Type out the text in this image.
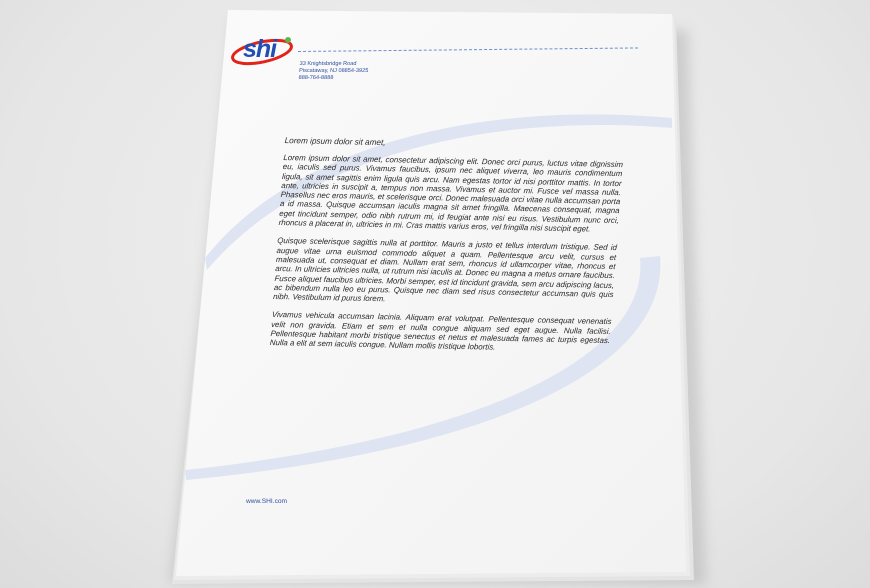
shi
33 Knightsbridge Road
Piscataway, NJ 08854-3925
888-764-8888

Lorem ipsum dolor sit amet,

Lorem ipsum dolor sit amet, consectetur adipiscing elit. Donec orci purus, luctus vitae dignissim eu, iaculis sed purus. Vivamus faucibus, ipsum nec aliquet viverra, leo mauris condimentum ligula, sit amet sagittis enim ligula quis arcu. Nam egestas tortor id nisi porttitor mattis. In tortor ante, ultricies in suscipit a, tempus non massa. Vivamus et auctor mi. Fusce vel massa nulla. Phasellus nec eros mauris, et scelerisque orci. Donec malesuada orci vitae nulla accumsan porta a id massa. Quisque accumsan iaculis magna sit amet fringilla. Maecenas consequat, magna eget tincidunt semper, odio nibh rutrum mi, id feugiat ante nisi eu risus. Vestibulum nunc orci, rhoncus a placerat in, ultricies in mi. Cras mattis varius eros, vel fringilla nisi suscipit eget.

Quisque scelerisque sagittis nulla at porttitor. Mauris a justo et tellus interdum tristique. Sed id augue vitae urna euismod commodo aliquet a quam. Pellentesque arcu velit, cursus et malesuada ut, consequat et diam. Nullam erat sem, rhoncus id ullamcorper vitae, rhoncus et arcu. In ultricies ultricies nulla, ut rutrum nisi iaculis at. Donec eu magna a metus ornare faucibus. Fusce aliquet faucibus ultricies. Morbi semper, est id tincidunt gravida, sem arcu adipiscing lacus, ac bibendum nulla leo eu purus. Quisque nec diam sed risus consectetur accumsan quis quis nibh. Vestibulum id purus lorem.

Vivamus vehicula accumsan lacinia. Aliquam erat volutpat. Pellentesque consequat venenatis velit non gravida. Etiam et sem et nulla congue aliquam sed eget augue. Nulla facilisi. Pellentesque habitant morbi tristique senectus et netus et malesuada fames ac turpis egestas. Nulla a elit at sem iaculis congue. Nullam mollis tristique lobortis.

www.SHI.com
